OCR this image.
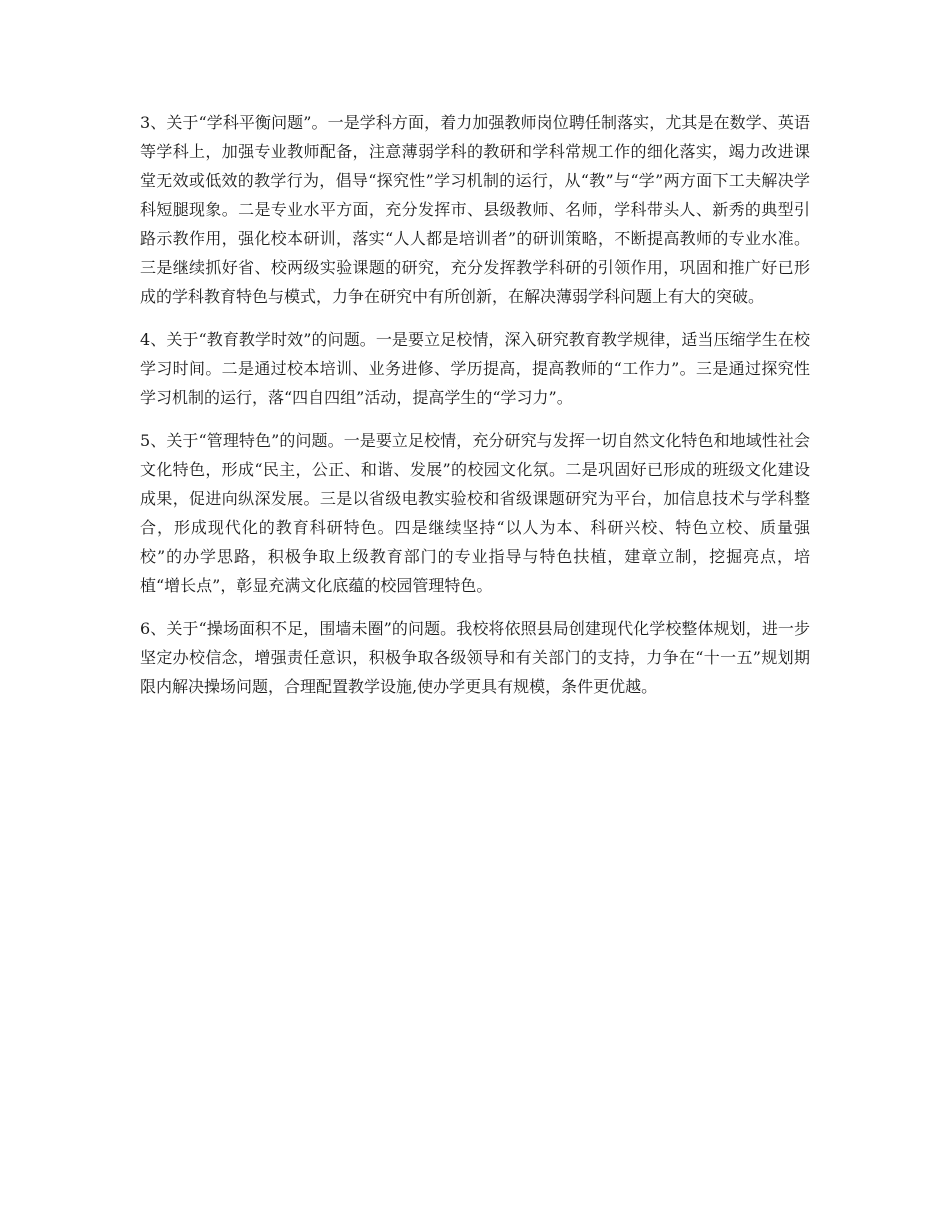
3、关于“学科平衡问题”。一是学科方面，着力加强教师岗位聘任制落实，尤其是在数学、英语等学科上，加强专业教师配备，注意薄弱学科的教研和学科常规工作的细化落实，竭力改进课堂无效或低效的教学行为，倡导“探究性”学习机制的运行，从“教”与“学”两方面下工夫解决学科短腿现象。二是专业水平方面，充分发挥市、县级教师、名师，学科带头人、新秀的典型引路示教作用，强化校本研训，落实“人人都是培训者”的研训策略，不断提高教师的专业水准。三是继续抓好省、校两级实验课题的研究，充分发挥教学科研的引领作用，巩固和推广好已形成的学科教育特色与模式，力争在研究中有所创新，在解决薄弱学科问题上有大的突破。

4、关于“教育教学时效”的问题。一是要立足校情，深入研究教育教学规律，适当压缩学生在校学习时间。二是通过校本培训、业务进修、学历提高，提高教师的“工作力”。三是通过探究性学习机制的运行，落“四自四组”活动，提高学生的“学习力”。

5、关于“管理特色”的问题。一是要立足校情，充分研究与发挥一切自然文化特色和地域性社会文化特色，形成“民主，公正、和谐、发展”的校园文化氛。二是巩固好已形成的班级文化建设成果，促进向纵深发展。三是以省级电教实验校和省级课题研究为平台，加信息技术与学科整合，形成现代化的教育科研特色。四是继续坚持“以人为本、科研兴校、特色立校、质量强校”的办学思路，积极争取上级教育部门的专业指导与特色扶植，建章立制，挖掘亮点，培植“增长点”，彰显充满文化底蕴的校园管理特色。

6、关于“操场面积不足，围墙未圈”的问题。我校将依照县局创建现代化学校整体规划，进一步坚定办校信念，增强责任意识，积极争取各级领导和有关部门的支持，力争在“十一五”规划期限内解决操场问题，合理配置教学设施,使办学更具有规模，条件更优越。
